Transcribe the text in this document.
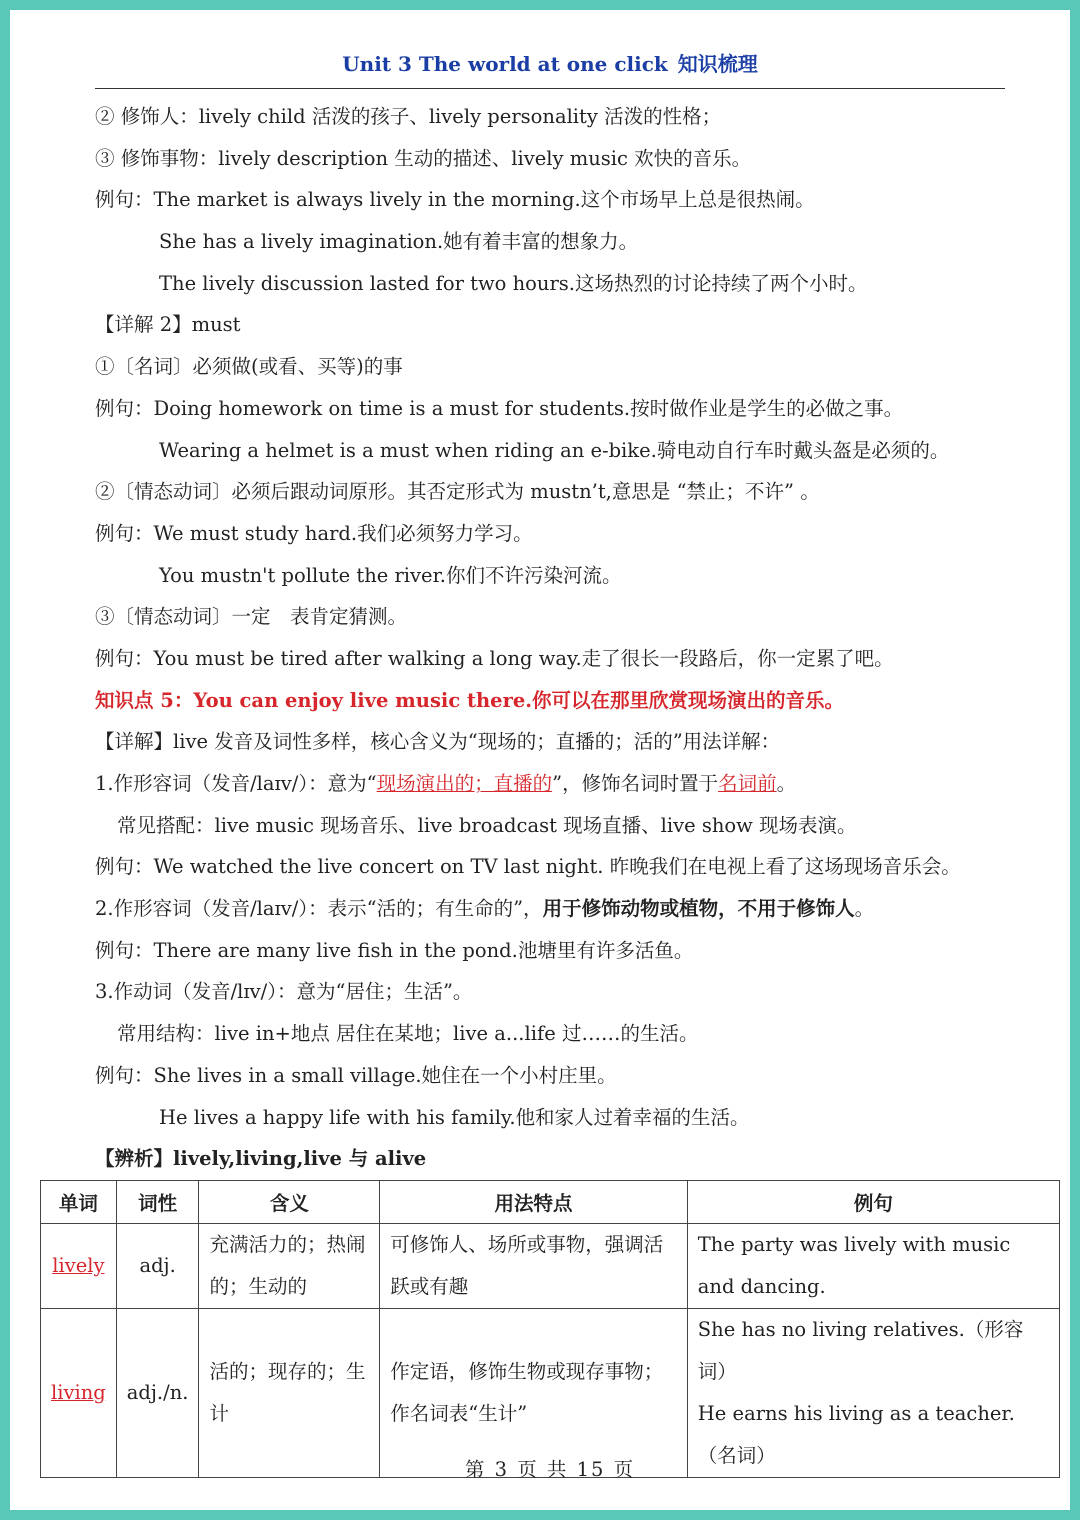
Unit 3 The world at one click 知识梳理
② 修饰人：lively child 活泼的孩子、lively personality 活泼的性格；
③ 修饰事物：lively description 生动的描述、lively music 欢快的音乐。
例句：The market is always lively in the morning.这个市场早上总是很热闹。
She has a lively imagination.她有着丰富的想象力。
The lively discussion lasted for two hours.这场热烈的讨论持续了两个小时。
【详解 2】must
①〔名词〕必须做(或看、买等)的事
例句：Doing homework on time is a must for students.按时做作业是学生的必做之事。
Wearing a helmet is a must when riding an e-bike.骑电动自行车时戴头盔是必须的。
②〔情态动词〕必须后跟动词原形。其否定形式为 mustn’t,意思是 “禁止；不许” 。
例句：We must study hard.我们必须努力学习。
You mustn't pollute the river.你们不许污染河流。
③〔情态动词〕一定　表肯定猜测。
例句：You must be tired after walking a long way.走了很长一段路后，你一定累了吧。
知识点 5：You can enjoy live music there.你可以在那里欣赏现场演出的音乐。
【详解】live 发音及词性多样，核心含义为“现场的；直播的；活的”用法详解：
1.作形容词（发音/laɪv/）：意为“现场演出的；直播的”，修饰名词时置于名词前。
常见搭配：live music 现场音乐、live broadcast 现场直播、live show 现场表演。
例句：We watched the live concert on TV last night. 昨晚我们在电视上看了这场现场音乐会。
2.作形容词（发音/laɪv/）：表示“活的；有生命的”，用于修饰动物或植物，不用于修饰人。
例句：There are many live fish in the pond.池塘里有许多活鱼。
3.作动词（发音/lɪv/）：意为“居住；生活”。
常用结构：live in+地点 居住在某地；live a...life 过……的生活。
例句：She lives in a small village.她住在一个小村庄里。
He lives a happy life with his family.他和家人过着幸福的生活。
【辨析】lively,living,live 与 alive
单词	词性	含义	用法特点	例句
lively	adj.	充满活力的；热闹的；生动的	可修饰人、场所或事物，强调活跃或有趣	The party was lively with music and dancing.
living	adj./n.	活的；现存的；生计	作定语，修饰生物或现存事物；作名词表“生计”	She has no living relatives.（形容词）
He earns his living as a teacher.（名词）
第 3 页 共 15 页
